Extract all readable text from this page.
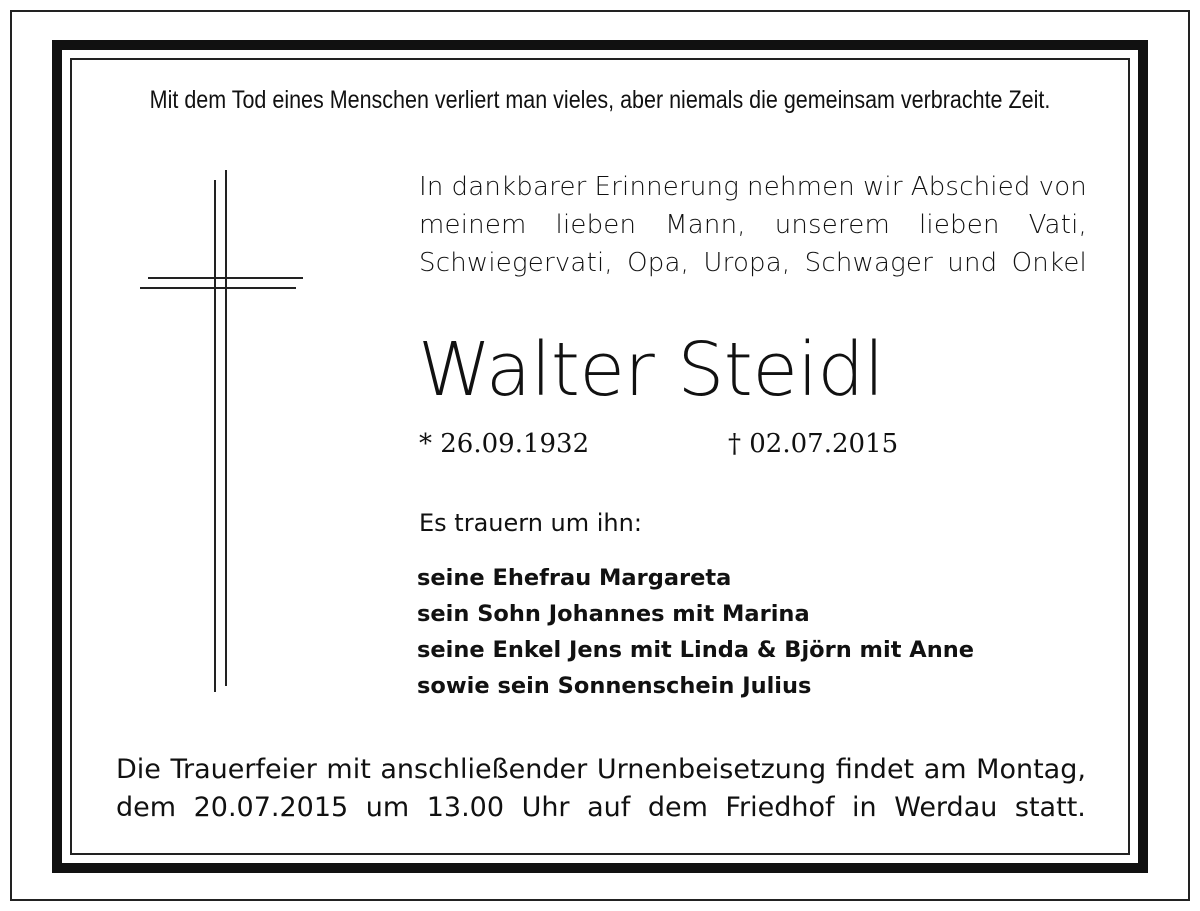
Mit dem Tod eines Menschen verliert man vieles, aber niemals die gemeinsam verbrachte Zeit.
In dankbarer Erinnerung nehmen wir Abschied von
meinem lieben Mann, unserem lieben Vati,
Schwiegervati, Opa, Uropa, Schwager und Onkel
Walter Steidl
* 26.09.1932	† 02.07.2015
Es trauern um ihn:
seine Ehefrau Margareta
sein Sohn Johannes mit Marina
seine Enkel Jens mit Linda & Björn mit Anne
sowie sein Sonnenschein Julius
Die Trauerfeier mit anschließender Urnenbeisetzung findet am Montag,
dem 20.07.2015 um 13.00 Uhr auf dem Friedhof in Werdau statt.
